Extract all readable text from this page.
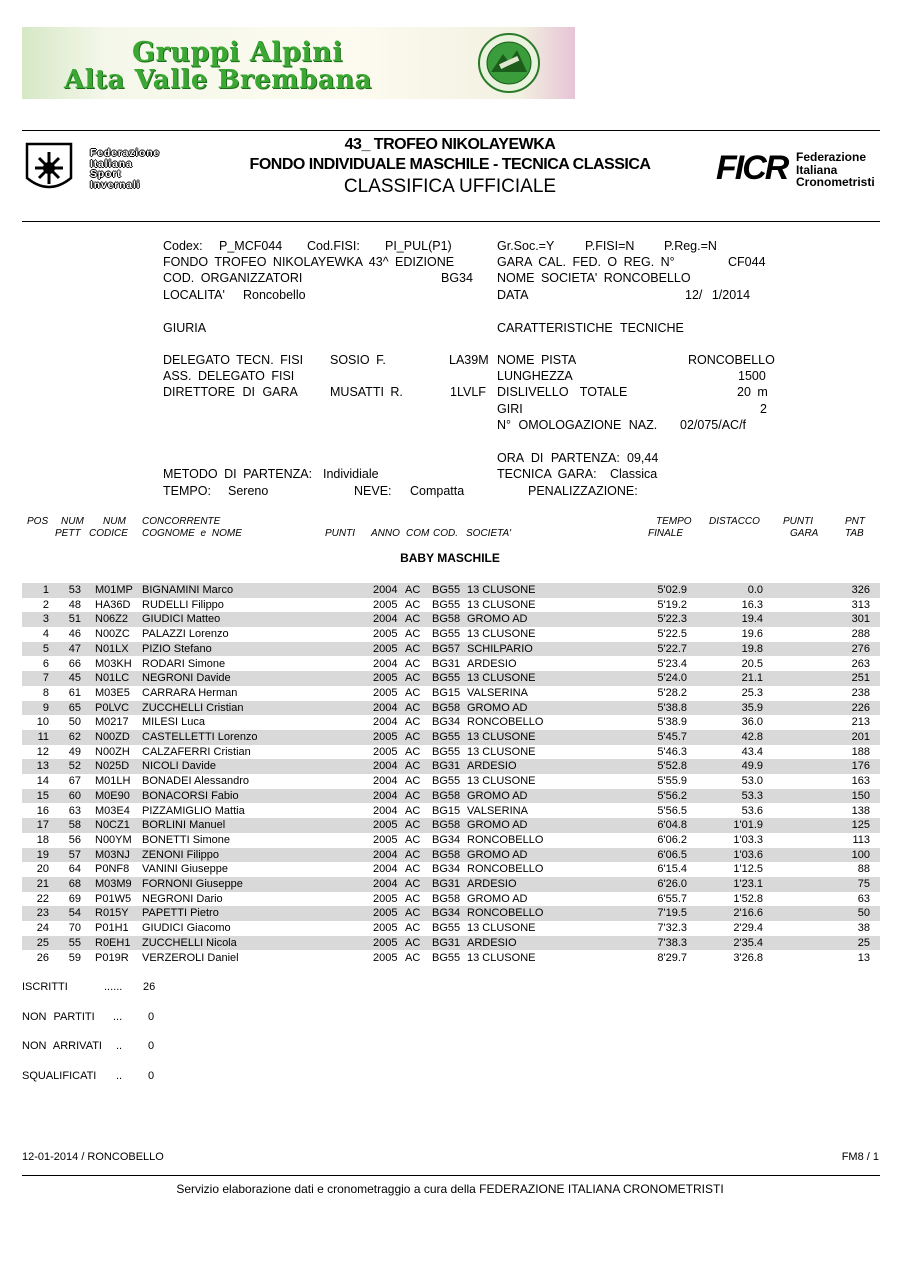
Gruppi Alpini
Alta Valle Brembana
Federazione
Italiana
Sport
Invernali
43_ TROFEO NIKOLAYEWKA
FONDO INDIVIDUALE MASCHILE - TECNICA CLASSICA
CLASSIFICA UFFICIALE	FICR Federazione
Italiana
Cronometristi
Codex: P_MCF044 Cod.FISI: PI_PUL(P1)	Gr.Soc.=Y P.FISI=N P.Reg.=N
FONDO TROFEO NIKOLAYEWKA 43^ EDIZIONE	GARA CAL. FED. O REG. N°	CF044
COD. ORGANIZZATORI	BG34 NOME SOCIETA' RONCOBELLO
LOCALITA' Roncobello	DATA	12/ 1/2014
GIURIA	CARATTERISTICHE TECNICHE
DELEGATO TECN. FISI SOSIO F.	LA39M NOME PISTA	RONCOBELLO
ASS. DELEGATO FISI	LUNGHEZZA	1500
DIRETTORE DI GARA	MUSATTI R.	1LVLF DISLIVELLO TOTALE	20 m
GIRI	2
N° OMOLOGAZIONE NAZ. 02/075/AC/f
ORA DI PARTENZA: 09,44
METODO DI PARTENZA: Individiale	TECNICA GARA: Classica
TEMPO: Sereno	NEVE: Compatta	PENALIZZAZIONE:
POS NUM
PETT
NUM
CODICE
CONCORRENTE
COGNOME e NOME	PUNTI ANNO COM COD. SOCIETA'
TEMPO
FINALE
DISTACCO PUNTI
GARA
PNT
TAB
BABY MASCHILE
1 53 M01MP BIGNAMINI Marco	2004 AC BG55 13 CLUSONE	5'02.9	0.0	326
2 48 HA36D RUDELLI Filippo	2005 AC BG55 13 CLUSONE	5'19.2	16.3	313
3 51 N06Z2 GIUDICI Matteo	2004 AC BG58 GROMO AD	5'22.3	19.4	301
4 46 N00ZC PALAZZI Lorenzo	2005 AC BG55 13 CLUSONE	5'22.5	19.6	288
5 47 N01LX PIZIO Stefano	2005 AC BG57 SCHILPARIO	5'22.7	19.8	276
6 66 M03KH RODARI Simone	2004 AC BG31 ARDESIO	5'23.4	20.5	263
7 45 N01LC NEGRONI Davide	2005 AC BG55 13 CLUSONE	5'24.0	21.1	251
8 61 M03E5 CARRARA Herman	2005 AC BG15 VALSERINA	5'28.2	25.3	238
9 65 P0LVC ZUCCHELLI Cristian	2004 AC BG58 GROMO AD	5'38.8	35.9	226
10 50 M0217 MILESI Luca	2004 AC BG34 RONCOBELLO	5'38.9	36.0	213
11 62 N00ZD CASTELLETTI Lorenzo	2005 AC BG55 13 CLUSONE	5'45.7	42.8	201
12 49 N00ZH CALZAFERRI Cristian	2005 AC BG55 13 CLUSONE	5'46.3	43.4	188
13 52 N025D NICOLI Davide	2004 AC BG31 ARDESIO	5'52.8	49.9	176
14 67 M01LH BONADEI Alessandro	2004 AC BG55 13 CLUSONE	5'55.9	53.0	163
15 60 M0E90 BONACORSI Fabio	2004 AC BG58 GROMO AD	5'56.2	53.3	150
16 63 M03E4 PIZZAMIGLIO Mattia	2004 AC BG15 VALSERINA	5'56.5	53.6	138
17 58 N0CZ1 BORLINI Manuel	2005 AC BG58 GROMO AD	6'04.8	1'01.9	125
18 56 N00YM BONETTI Simone	2005 AC BG34 RONCOBELLO	6'06.2	1'03.3	113
19 57 M03NJ ZENONI Filippo	2004 AC BG58 GROMO AD	6'06.5	1'03.6	100
20 64 P0NF8 VANINI Giuseppe	2004 AC BG34 RONCOBELLO	6'15.4	1'12.5	88
21 68 M03M9 FORNONI Giuseppe	2004 AC BG31 ARDESIO	6'26.0	1'23.1	75
22 69 P01W5 NEGRONI Dario	2005 AC BG58 GROMO AD	6'55.7	1'52.8	63
23 54 R015Y PAPETTI Pietro	2005 AC BG34 RONCOBELLO	7'19.5	2'16.6	50
24 70 P01H1 GIUDICI Giacomo	2005 AC BG55 13 CLUSONE	7'32.3	2'29.4	38
25 55 R0EH1 ZUCCHELLI Nicola	2005 AC BG31 ARDESIO	7'38.3	2'35.4	25
26 59 P019R VERZEROLI Daniel	2005 AC BG55 13 CLUSONE	8'29.7	3'26.8	13
ISCRITTI	...... 26
NON PARTITI ... 0
NON ARRIVATI .. 0
SQUALIFICATI .. 0
12-01-2014 / RONCOBELLO	FM8 / 1
Servizio elaborazione dati e cronometraggio a cura della FEDERAZIONE ITALIANA CRONOMETRISTI
